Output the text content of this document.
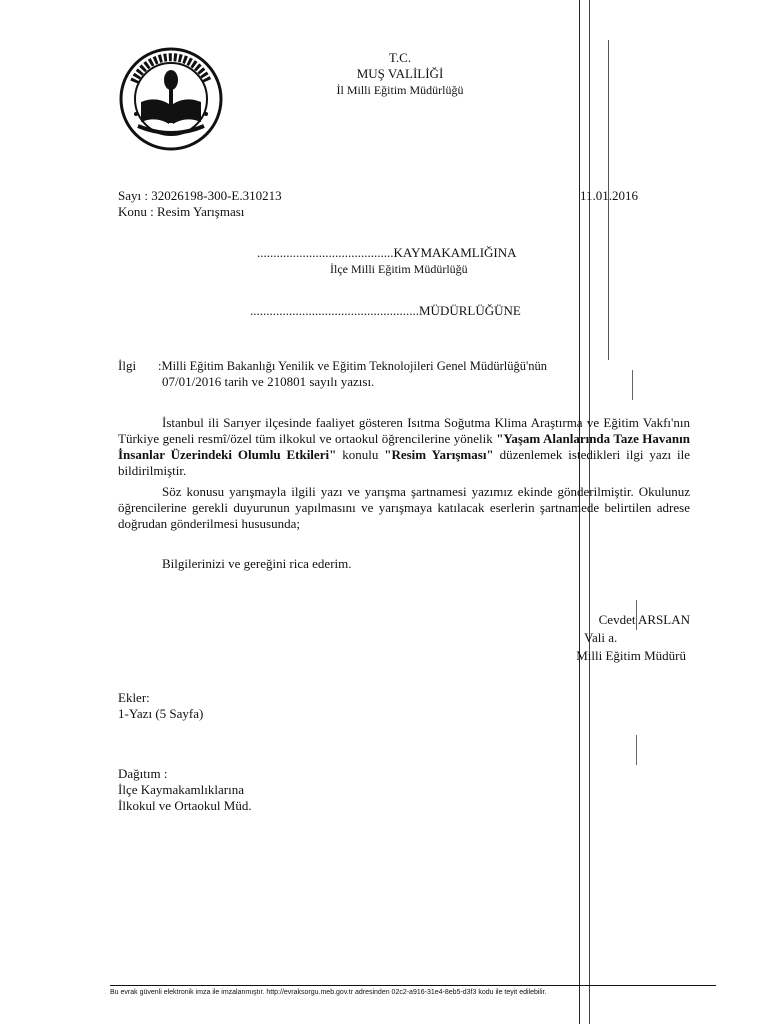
T.C.
MUŞ VALİLİĞİ
İl Milli Eğitim Müdürlüğü
Sayı : 32026198-300-E.310213	11.01.2016
Konu : Resim Yarışması
..........................................KAYMAKAMLIĞINA
İlçe Milli Eğitim Müdürlüğü
....................................................MÜDÜRLÜĞÜNE
İlgi :Milli Eğitim Bakanlığı Yenilik ve Eğitim Teknolojileri Genel Müdürlüğü'nün
07/01/2016 tarih ve 210801 sayılı yazısı.
İstanbul ili Sarıyer ilçesinde faaliyet gösteren Isıtma Soğutma Klima Araştırma ve Eğitim Vakfı'nın Türkiye geneli resmî/özel tüm ilkokul ve ortaokul öğrencilerine yönelik "Yaşam Alanlarında Taze Havanın İnsanlar Üzerindeki Olumlu Etkileri" konulu "Resim Yarışması" düzenlemek istedikleri ilgi yazı ile bildirilmiştir.
Söz konusu yarışmayla ilgili yazı ve yarışma şartnamesi yazımız ekinde gönderilmiştir. Okulunuz öğrencilerine gerekli duyurunun yapılmasını ve yarışmaya katılacak eserlerin şartnamede belirtilen adrese doğrudan gönderilmesi hususunda;
Bilgilerinizi ve gereğini rica ederim.
Cevdet ARSLAN
Vali a.
Milli Eğitim Müdürü
Ekler:
1-Yazı (5 Sayfa)
Dağıtım :
İlçe Kaymakamlıklarına
İlkokul ve Ortaokul Müd.
Bu evrak güvenli elektronik imza ile imzalanmıştır. http://evraksorgu.meb.gov.tr adresinden 02c2-a916-31e4-8eb5-d3f3 kodu ile teyit edilebilir.
